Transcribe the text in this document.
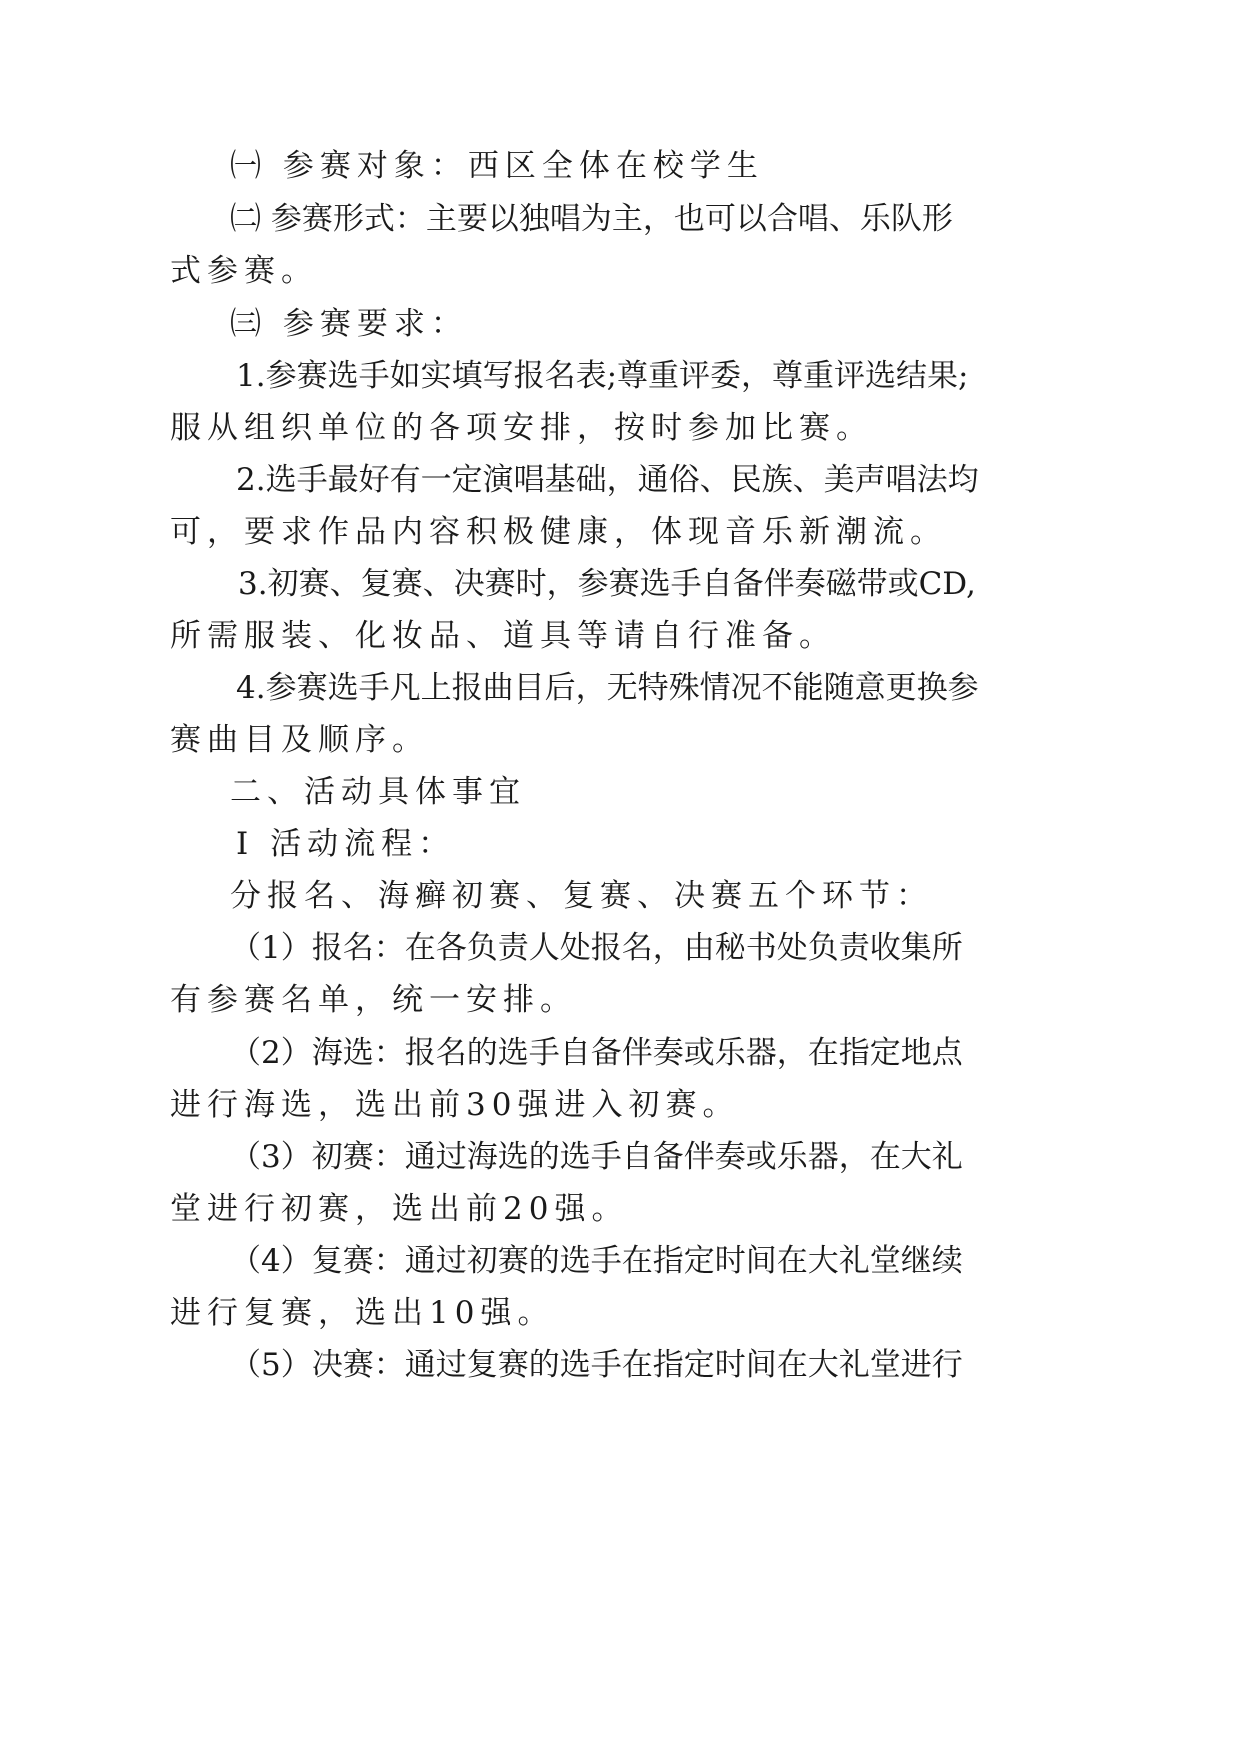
㈠ 参赛对象：西区全体在校学生
㈡ 参赛形式：主要以独唱为主，也可以合唱、乐队形
式参赛。
㈢ 参赛要求：
1.参赛选手如实填写报名表;尊重评委，尊重评选结果;
服从组织单位的各项安排，按时参加比赛。
2.选手最好有一定演唱基础，通俗、民族、美声唱法均
可，要求作品内容积极健康，体现音乐新潮流。
3.初赛、复赛、决赛时，参赛选手自备伴奏磁带或CD,
所需服装、化妆品、道具等请自行准备。
4.参赛选手凡上报曲目后，无特殊情况不能随意更换参
赛曲目及顺序。
二、活动具体事宜
Ⅰ 活动流程：
分报名、海癣初赛、复赛、决赛五个环节：
（1）报名：在各负责人处报名，由秘书处负责收集所
有参赛名单，统一安排。
（2）海选：报名的选手自备伴奏或乐器，在指定地点
进行海选，选出前30强进入初赛。
（3）初赛：通过海选的选手自备伴奏或乐器，在大礼
堂进行初赛，选出前20强。
（4）复赛：通过初赛的选手在指定时间在大礼堂继续
进行复赛，选出10强。
（5）决赛：通过复赛的选手在指定时间在大礼堂进行
